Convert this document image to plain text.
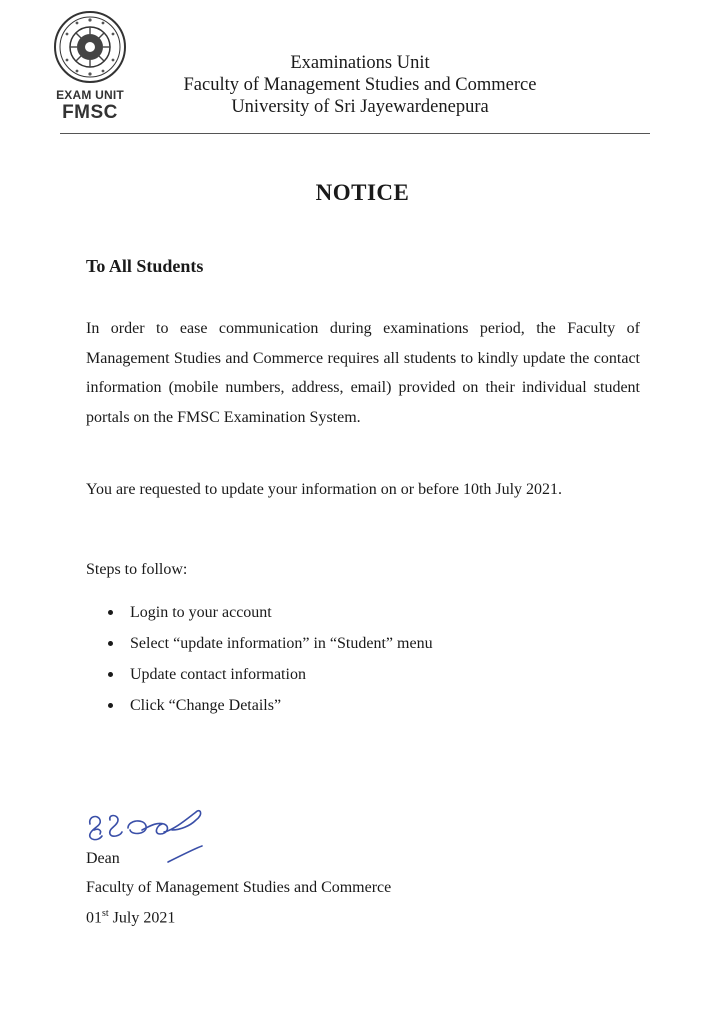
EXAM UNIT
FMSC
Examinations Unit
Faculty of Management Studies and Commerce
University of Sri Jayewardenepura
NOTICE
To All Students
In order to ease communication during examinations period, the Faculty of Management Studies and Commerce requires all students to kindly update the contact information (mobile numbers, address, email) provided on their individual student portals on the FMSC Examination System.
You are requested to update your information on or before 10th July 2021.
Steps to follow:
Login to your account
Select “update information” in “Student” menu
Update contact information
Click “Change Details”
Dean
Faculty of Management Studies and Commerce
01st July 2021
